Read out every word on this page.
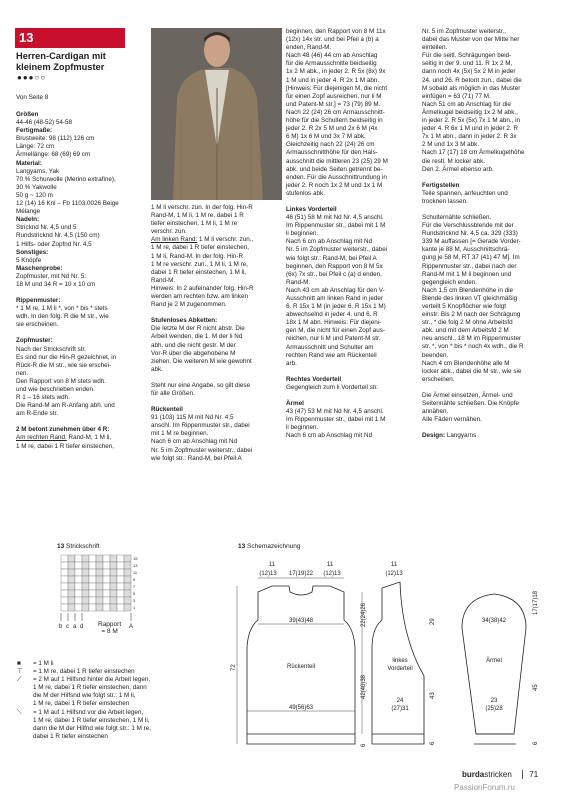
13
Herren-Cardigan mit
kleinem Zopfmuster
●●●○○
Von Seite 8

Größen

44-46 (48-52) 54-58

Fertigmaße:

Brustweite: 98 (112) 126 cm

Länge: 72 cm

Ärmellänge: 68 (69) 69 cm

Material:

Langyarns, Yak

70 % Schurwolle (Merino extrafine),

30 % Yakwolle

50 g ~ 120 m

12 (14) 16 Knl – Fb 1103.0026 Beige

Mélange

Nadeln:

Stricknd Nr. 4,5 und 5

Rundstricknd Nr. 4,5 (150 cm)

1 Hilfs- oder Zopfnd Nr. 4,5

Sonstiges:

5 Knöpfe

Maschenprobe:

Zopfmuster, mit Nd Nr. 5:

18 M und 34 R = 10 x 10 cm

Rippenmuster:

* 1 M re, 1 M li *, von * bis * stets

wdh. In den folg. R die M str., wie

sie erscheinen.

Zopfmuster:

Nach der Strickschrift str.

Es sind nur die Hin-R gezeichnet, in

Rück-R die M str., wie sie erschei-

nen.

Den Rapport von 8 M stets wdh.

und wie beschrieben enden.

R 1 – 16 stets wdh.

Die Rand-M am R-Anfang abh. und

am R-Ende str.

2 M betont zunehmen über 4 R:

Am rechten Rand: Rand-M, 1 M li,

1 M re, dabei 1 R tiefer einstechen,

1 M li verschr. zun. In der folg. Hin-R

Rand-M, 1 M li, 1 M re, dabei 1 R

tiefer einstechen, 1 M li, 1 M re

verschr. zun.

Am linken Rand: 1 M li verschr. zun.,

1 M re, dabei 1 R tiefer einstechen,

1 M li, Rand-M. In der folg. Hin-R

1 M re verschr. zun., 1 M li, 1 M re,

dabei 1 R tiefer einstechen, 1 M li,

Rand-M.

Hinweis: In 2 aufeinander folg. Hin-R

werden am rechten bzw. am linken

Rand je 2 M zugenommen.

Stufenloses Abketten:

Die letzte M der R nicht abstr. Die

Arbeit wenden, die 1. M der li Nd

abh. und die nicht gestr. M der

Vor-R über die abgehobene M

ziehen. Die weiteren M wie gewohnt

abk.

Steht nur eine Angabe, so gilt diese

für alle Größen.

Rückenteil

91 (103) 115 M mit Nd Nr. 4,5

anschl. Im Rippenmuster str., dabei

mit 1 M re beginnen.

Nach 6 cm ab Anschlag mit Nd

Nr. 5 im Zopfmuster weiterstr., dabei

wie folgt str.: Rand-M, bei Pfeil A

beginnen, den Rapport von 8 M 11x

(12x) 14x str. und bei Pfeil a (b) a

enden, Rand-M.

Nach 48 (46) 44 cm ab Anschlag

für die Armausschnitte beidseitig

1x 2 M abk., in jeder 2. R 5x (8x) 9x

1 M und in jeder 4. R 2x 1 M abn.

[Hinweis: Für diejenigen M, die nicht

für einen Zopf ausreichen, nur li M

und Patent-M str.] = 73 (79) 89 M.

Nach 22 (24) 26 cm Armausschnitt-

höhe für die Schultern beidseitig in

jeder 2. R 2x 5 M und 2x 6 M (4x

6 M) 1x 6 M und 3x 7 M abk.

Gleichzeitig nach 22 (24) 26 cm

Armausschnitthöhe für den Hals-

ausschnitt die mittleren 23 (25) 29 M

abk. und beide Seiten getrennt be-

enden. Für die Ausschnittrundung in

jeder 2. R noch 1x 2 M und 1x 1 M

stufenlos abk.

Linkes Vorderteil

46 (51) 58 M mit Nd Nr. 4,5 anschl.

Im Rippenmuster str., dabei mit 1 M

li beginnen.

Nach 6 cm ab Anschlag mit Nd

Nr. 5 im Zopfmuster weiterstr., dabei

wie folgt str.: Rand-M, bei Pfeil A

beginnen, den Rapport von 8 M 5x

(6x) 7x str., bei Pfeil c (a) d enden,

Rand-M.

Nach 43 cm ab Anschlag für den V-

Ausschnitt am linken Rand in jeder

6. R 15x 1 M (in jeder 6. R 15x 1 M)

abwechselnd in jeder 4. und 6. R

18x 1 M abn. Hinweis: Für diejeni-

gen M, die nicht für einen Zopf aus-

reichen, nur li M und Patent-M str.

Armausschnitt und Schulter am

rechten Rand wie am Rückenteil

arb.

Rechtes Vorderteil

Gegengleich zum li Vorderteil str.

Ärmel

43 (47) 53 M mit Nd Nr. 4,5 anschl.

Im Rippenmuster str., dabei mit 1 M

li beginnen.

Nach 6 cm ab Anschlag mit Nd

Nr. 5 im Zopfmuster weiterstr.,

dabei das Muster von der Mitte her

einteilen.

Für die seitl. Schrägungen beid-

seitig in der 9. und 11. R 1x 2 M,

dann noch 4x (5x) 5x 2 M in jeder

24. und 26. R betont zun., dabei die

M sobald als möglich in das Muster

einfügen = 63 (71) 77 M.

Nach 51 cm ab Anschlag für die

Ärmelkugel beidseitig 1x 2 M abk.,

in jeder 2. R 5x (5x) 7x 1 M abn., in

jeder 4. R 6x 1 M und in jeder 2. R

7x 1 M abn., dann in jeder 2. R 3x

2 M und 1x 3 M abk.

Nach 17 (17) 18 cm Ärmelkugelhöhe

die restl. M locker abk.

Den 2. Ärmel ebenso arb.

Fertigstellen

Teile spannen, anfeuchten und

trocknen lassen.

Schulternähte schließen.

Für die Verschlussblende mit der

Rundstricknd Nr. 4,5 ca. 329 (333)

339 M auffassen [= Gerade Vorder-

kante je 88 M, Ausschnittschrä-

gung je 58 M, RT 37 (41) 47 M]. Im

Rippenmuster str., dabei nach der

Rand-M mit 1 M li beginnen und

gegengleich enden.

Nach 1,5 cm Blendenhöhe in die

Blende des linken VT gleichmäßig

verteilt 5 Knopflöcher wie folgt

einstr: Bis 2 M nach der Schrägung

str., * die folg 2 M ohne Arbeitsfd

abk. und mit dem Arbeitsfd 2 M

neu anschl., 18 M im Rippenmuster

str. *, von * bis * noch 4x wdh., die R

beenden.

Nach 4 cm Blendenhöhe alle M

locker abk., dabei die M str., wie sie

erscheinen.

Die Ärmel einsetzen, Ärmel- und

Seitennähte schließen. Die Knöpfe

annähen.

Alle Fäden vernähen.

Design: Langyarns

13 Strickschrift
15
13
11
9
7
5
3
1
b c a d	A
Rapport
= 8 M
■	= 1 M li
⊤	= 1 M re, dabei 1 R tiefer einstechen
⟋	= 2 M auf 1 Hilfsnd hinter die Arbeit legen,
1 M re, dabei 1 R tiefer einstechen, dann
die M der Hilfsnd wie folgt str.: 1 M li,
1 M re, dabei 1 R tiefer einstechen
⟍	= 1 M auf 1 Hilfsnd vor die Arbeit legen,
1 M re, dabei 1 R tiefer einstechen, 1 M li,
dann die M der Hilfnd wie folgt str.: 1 M re,
dabei 1 R tiefer einstechen
13 Schemazeichnung
11
(12)13 17(19)22
11
(12)13
39(43)48
Rückenteil
49(56)63
72
22(24)26
42(40)38
6
11
(12)13
linkes
Vorderteil
24
(27)31
29
43
6
34(38)42
Ärmel
23
(25)28
17(17)18
45
6
burdastricken 71
PassionForum.ru
